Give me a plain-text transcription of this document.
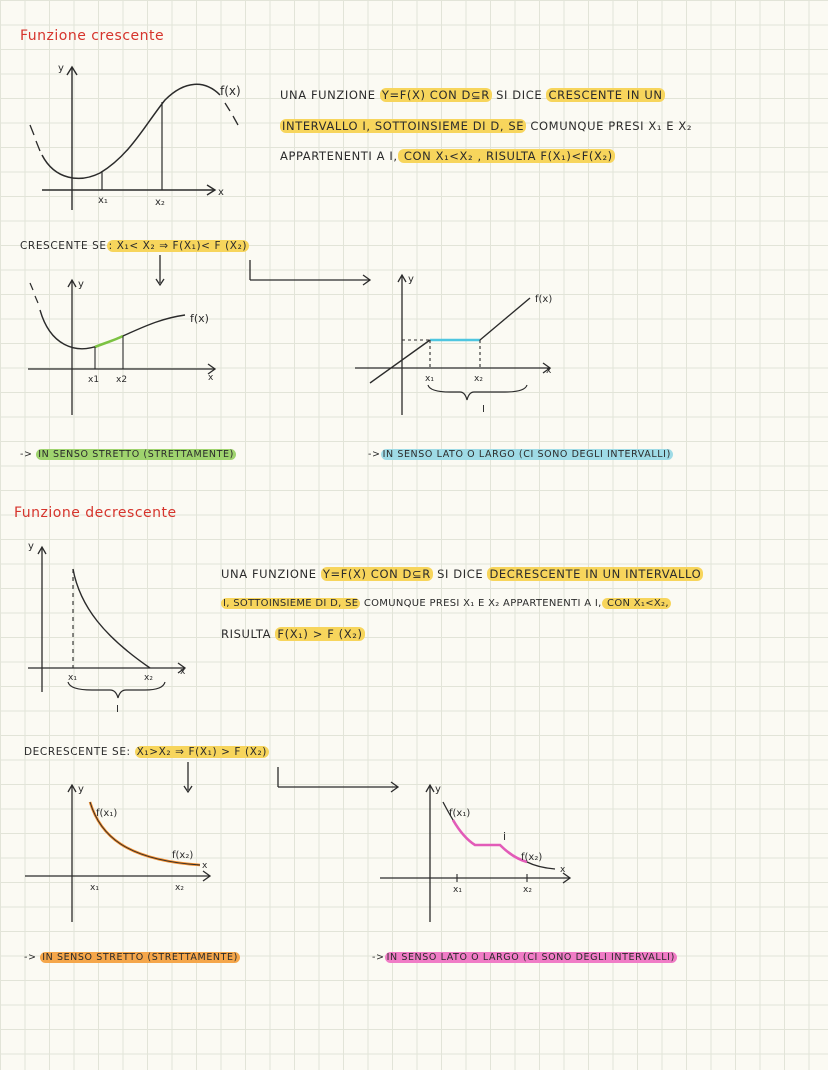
Funzione crescente
y
x
x₁	x₂
f(x)	UNA FUNZIONE Y=F(X) CON D⊆R SI DICE CRESCENTE IN UN
INTERVALLO I, SOTTOINSIEME DI D, SE COMUNQUE PRESI X₁ E X₂
APPARTENENTI A I, CON X₁<X₂ , RISULTA F(X₁)<F(X₂)
CRESCENTE SE : X₁< X₂ ⇒ F(X₁)< F (X₂)
y
x
x1 x2
f(x)
y
x
x₁	x₂
I
f(x)
-> IN SENSO STRETTO (STRETTAMENTE)	-> IN SENSO LATO O LARGO (CI SONO DEGLI INTERVALLI)
Funzione decrescente
y
x
x₁	x₂
I
UNA FUNZIONE Y=F(X) CON D⊆R SI DICE DECRESCENTE IN UN INTERVALLO
I, SOTTOINSIEME DI D, SE COMUNQUE PRESI X₁ E X₂ APPARTENENTI A I, CON X₁<X₂,
RISULTA F(X₁) > F (X₂)
DECRESCENTE SE: X₁>X₂ ⇒ F(X₁) > F (X₂)
y
x
f(x₁)
f(x₂)
x₁	x₂
y
x
f(x₁)
f(x₂)
i
x₁	x₂
-> IN SENSO STRETTO (STRETTAMENTE)	-> IN SENSO LATO O LARGO (CI SONO DEGLI INTERVALLI)
